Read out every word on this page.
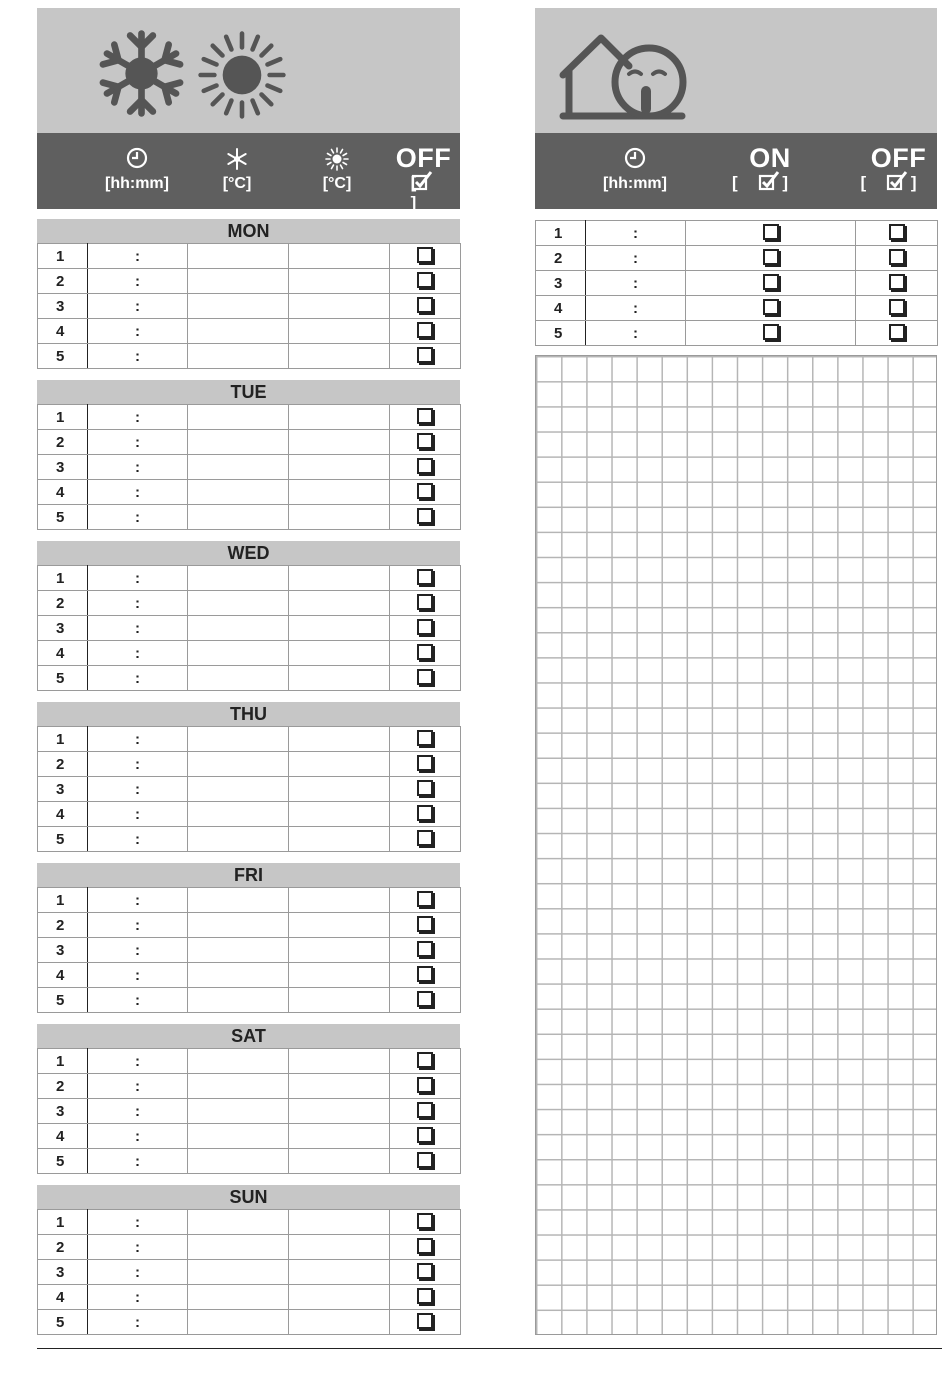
[hh:mm]	[°C]	[°C]
OFF
[ ]
MON
1	:			
2	:			
3	:			
4	:			
5	:			
TUE
1	:			
2	:			
3	:			
4	:			
5	:			
WED
1	:			
2	:			
3	:			
4	:			
5	:			
THU
1	:			
2	:			
3	:			
4	:			
5	:			
FRI
1	:			
2	:			
3	:			
4	:			
5	:			
SAT
1	:			
2	:			
3	:			
4	:			
5	:			
SUN
1	:			
2	:			
3	:			
4	:			
5	:			
[hh:mm]
ON
[ ]
OFF
[ ]
1	:		
2	:		
3	:		
4	:		
5	:		
